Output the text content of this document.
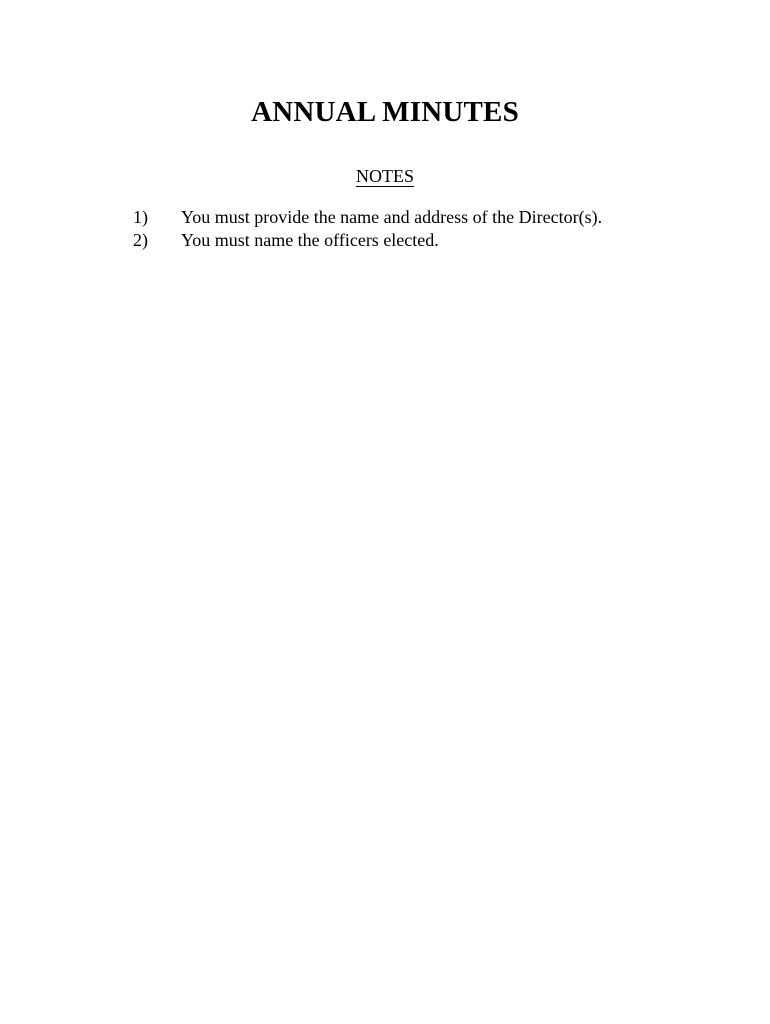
ANNUAL MINUTES
NOTES
1)	You must provide the name and address of the Director(s).
2)	You must name the officers elected.
